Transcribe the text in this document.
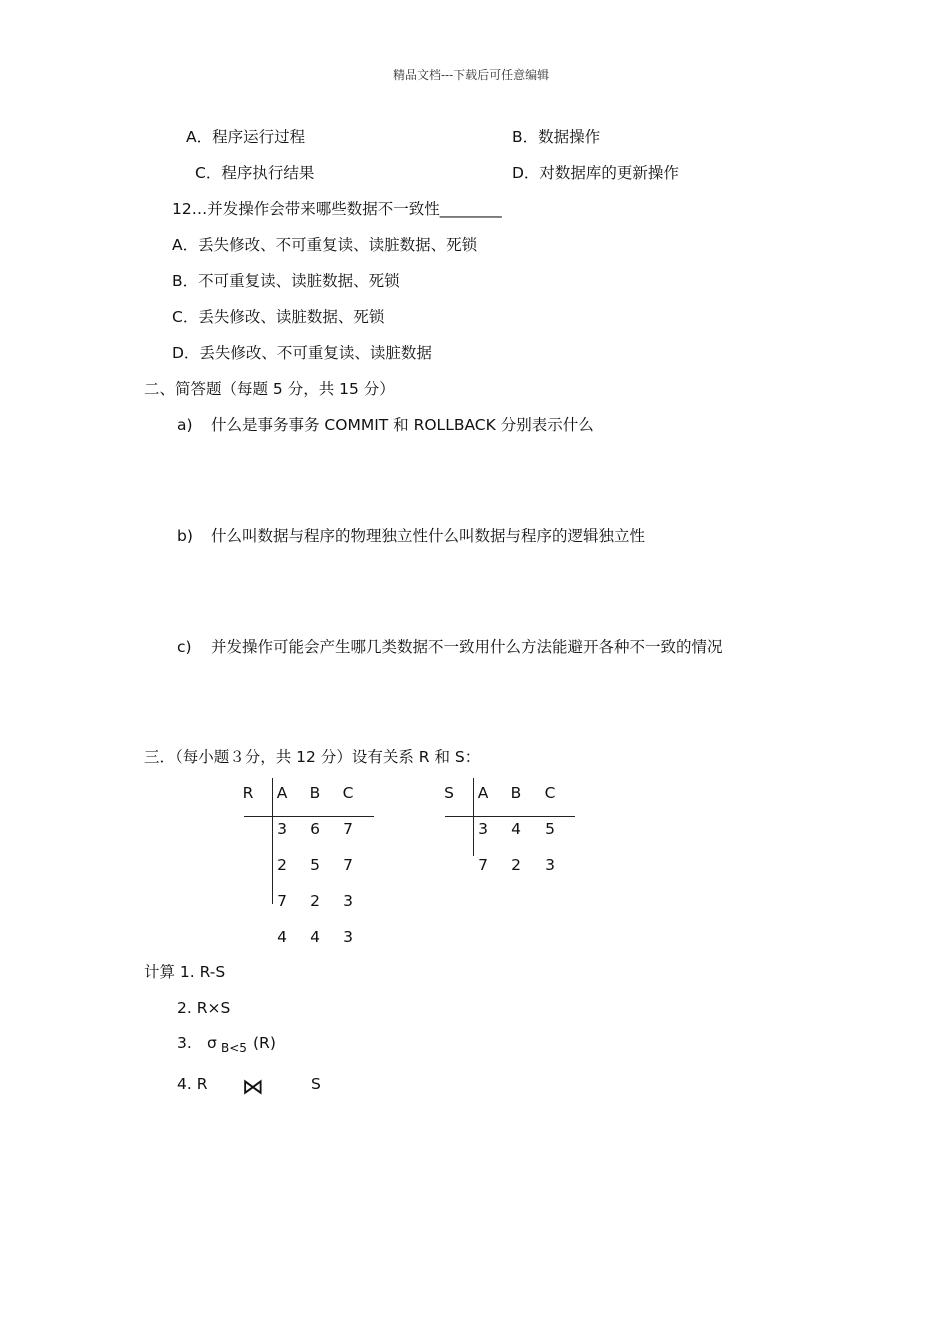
精品文档---下载后可任意编辑
A．程序运行过程	B．数据操作
C．程序执行结果	D．对数据库的更新操作
12…并发操作会带来哪些数据不一致性________
A．丢失修改、不可重复读、读脏数据、死锁
B．不可重复读、读脏数据、死锁
C．丢失修改、读脏数据、死锁
D．丢失修改、不可重复读、读脏数据
二、简答题（每题 5 分，共 15 分）
a) 什么是事务事务 COMMIT 和 ROLLBACK 分别表示什么
b) 什么叫数据与程序的物理独立性什么叫数据与程序的逻辑独立性
c) 并发操作可能会产生哪几类数据不一致用什么方法能避开各种不一致的情况
三．（每小题３分，共 12 分）设有关系 R 和 S：
R A B C
3 6 7
2 5 7
7 2 3
4 4 3
S A B C
3 4 5
7 2 3
计算 1. R-S
2. R×S
3. σ B<5 (R)
4. R ⋈	S
